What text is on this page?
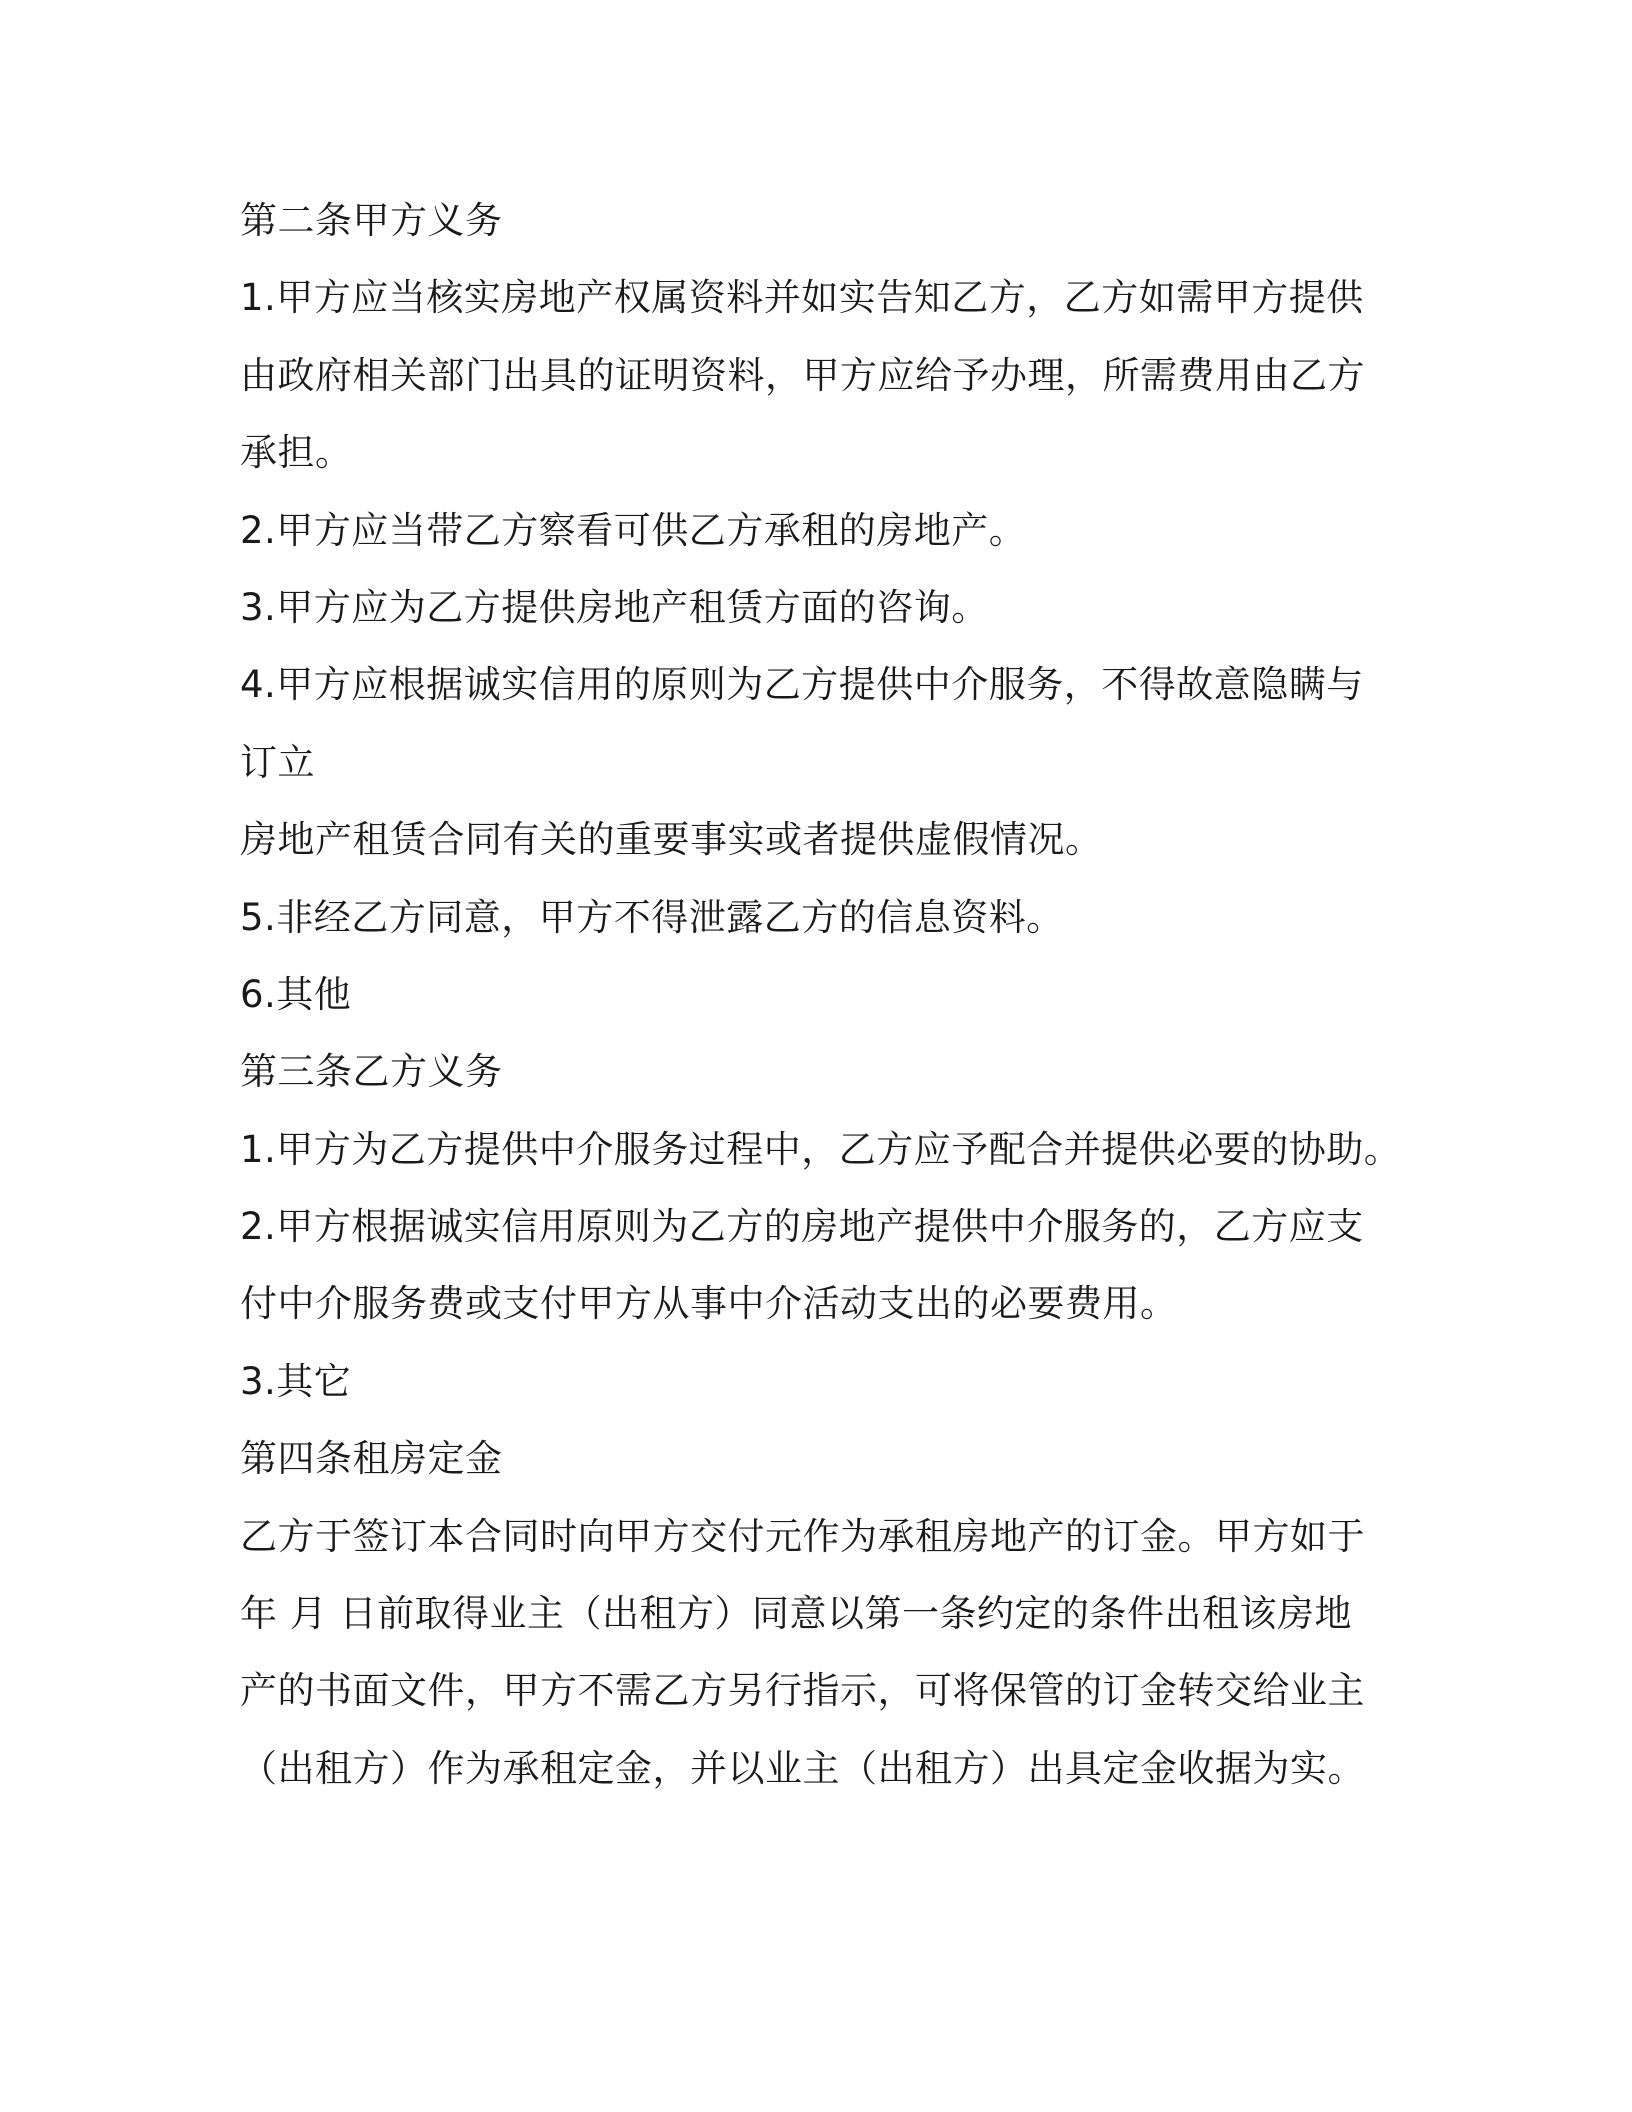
第二条甲方义务

1.甲方应当核实房地产权属资料并如实告知乙方，乙方如需甲方提供

由政府相关部门出具的证明资料，甲方应给予办理，所需费用由乙方

承担。

2.甲方应当带乙方察看可供乙方承租的房地产。

3.甲方应为乙方提供房地产租赁方面的咨询。

4.甲方应根据诚实信用的原则为乙方提供中介服务，不得故意隐瞒与

订立

房地产租赁合同有关的重要事实或者提供虚假情况。

5.非经乙方同意，甲方不得泄露乙方的信息资料。

6.其他

第三条乙方义务

1.甲方为乙方提供中介服务过程中，乙方应予配合并提供必要的协助。

2.甲方根据诚实信用原则为乙方的房地产提供中介服务的，乙方应支

付中介服务费或支付甲方从事中介活动支出的必要费用。

3.其它

第四条租房定金

乙方于签订本合同时向甲方交付元作为承租房地产的订金。甲方如于

年 月 日前取得业主（出租方）同意以第一条约定的条件出租该房地

产的书面文件，甲方不需乙方另行指示，可将保管的订金转交给业主

（出租方）作为承租定金，并以业主（出租方）出具定金收据为实。
